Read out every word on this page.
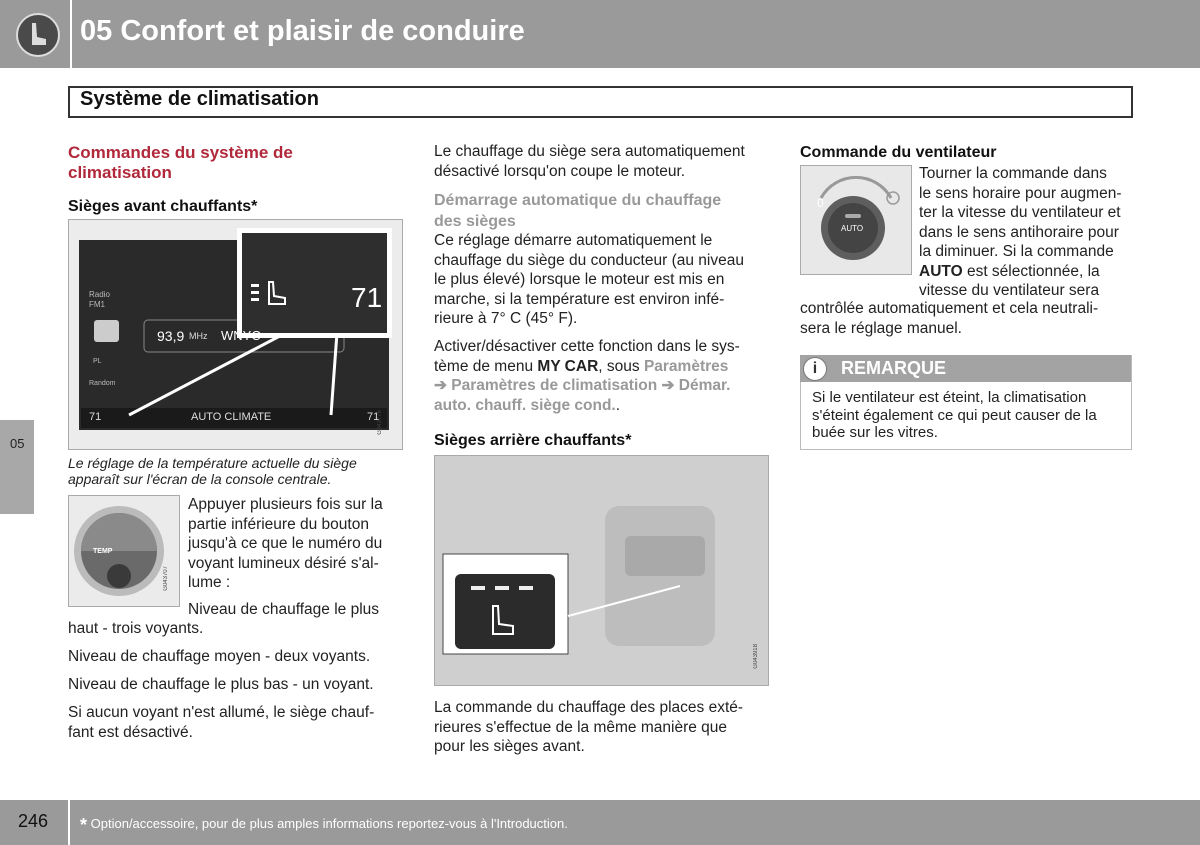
05 Confort et plaisir de conduire
Système de climatisation
05
Commandes du système de
climatisation
Sièges avant chauffants*
Radio
FM1
PL
Random
93,9 MHz WNYC
71	AUTO CLIMATE	71
71
G043776
Le réglage de la température actuelle du siège
apparaît sur l'écran de la console centrale.
TEMP
G043707
Appuyer plusieurs fois sur la
partie inférieure du bouton
jusqu'à ce que le numéro du
voyant lumineux désiré s'al-
lume :
Niveau de chauffage le plus
haut - trois voyants.
Niveau de chauffage moyen - deux voyants.
Niveau de chauffage le plus bas - un voyant.
Si aucun voyant n'est allumé, le siège chauf-
fant est désactivé.
Le chauffage du siège sera automatiquement
désactivé lorsqu'on coupe le moteur.
Démarrage automatique du chauffage
des sièges
Ce réglage démarre automatiquement le
chauffage du siège du conducteur (au niveau
le plus élevé) lorsque le moteur est mis en
marche, si la température est environ infé-
rieure à 7° C (45° F).
Activer/désactiver cette fonction dans le sys-
tème de menu MY CAR, sous Paramètres
➔ Paramètres de climatisation ➔ Démar.
auto. chauff. siège cond..
Sièges arrière chauffants*
G043918
La commande du chauffage des places exté-
rieures s'effectue de la même manière que
pour les sièges avant.
Commande du ventilateur
AUTO
0
Tourner la commande dans
le sens horaire pour augmen-
ter la vitesse du ventilateur et
dans le sens antihoraire pour
la diminuer. Si la commande
AUTO est sélectionnée, la
vitesse du ventilateur sera
contrôlée automatiquement et cela neutrali-
sera le réglage manuel.
i	REMARQUE
Si le ventilateur est éteint, la climatisation
s'éteint également ce qui peut causer de la
buée sur les vitres.
246 * Option/accessoire, pour de plus amples informations reportez-vous à l'Introduction.
